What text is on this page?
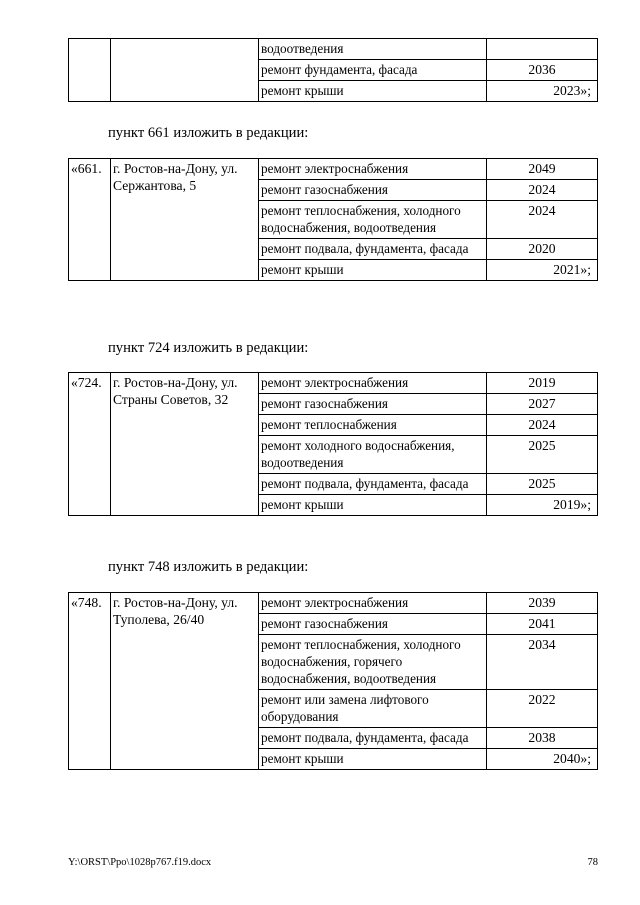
		водоотведения	
		ремонт фундамента, фасада	2036
		ремонт крыши	2023»;
пункт 661 изложить в редакции:
«661.	г. Ростов-на-Дону, ул. Сержантова, 5	ремонт электроснабжения	2049
		ремонт газоснабжения	2024
		ремонт теплоснабжения, холодного водоснабжения, водоотведения	2024
		ремонт подвала, фундамента, фасада	2020
		ремонт крыши	2021»;
пункт 724 изложить в редакции:
«724.	г. Ростов-на-Дону, ул. Страны Советов, 32	ремонт электроснабжения	2019
		ремонт газоснабжения	2027
		ремонт теплоснабжения	2024
		ремонт холодного водоснабжения, водоотведения	2025
		ремонт подвала, фундамента, фасада	2025
		ремонт крыши	2019»;
пункт 748 изложить в редакции:
«748.	г. Ростов-на-Дону, ул. Туполева, 26/40	ремонт электроснабжения	2039
		ремонт газоснабжения	2041
		ремонт теплоснабжения, холодного водоснабжения, горячего водоснабжения, водоотведения	2034
		ремонт или замена лифтового оборудования	2022
		ремонт подвала, фундамента, фасада	2038
		ремонт крыши	2040»;
Y:\ORST\Ppo\1028p767.f19.docx	78
